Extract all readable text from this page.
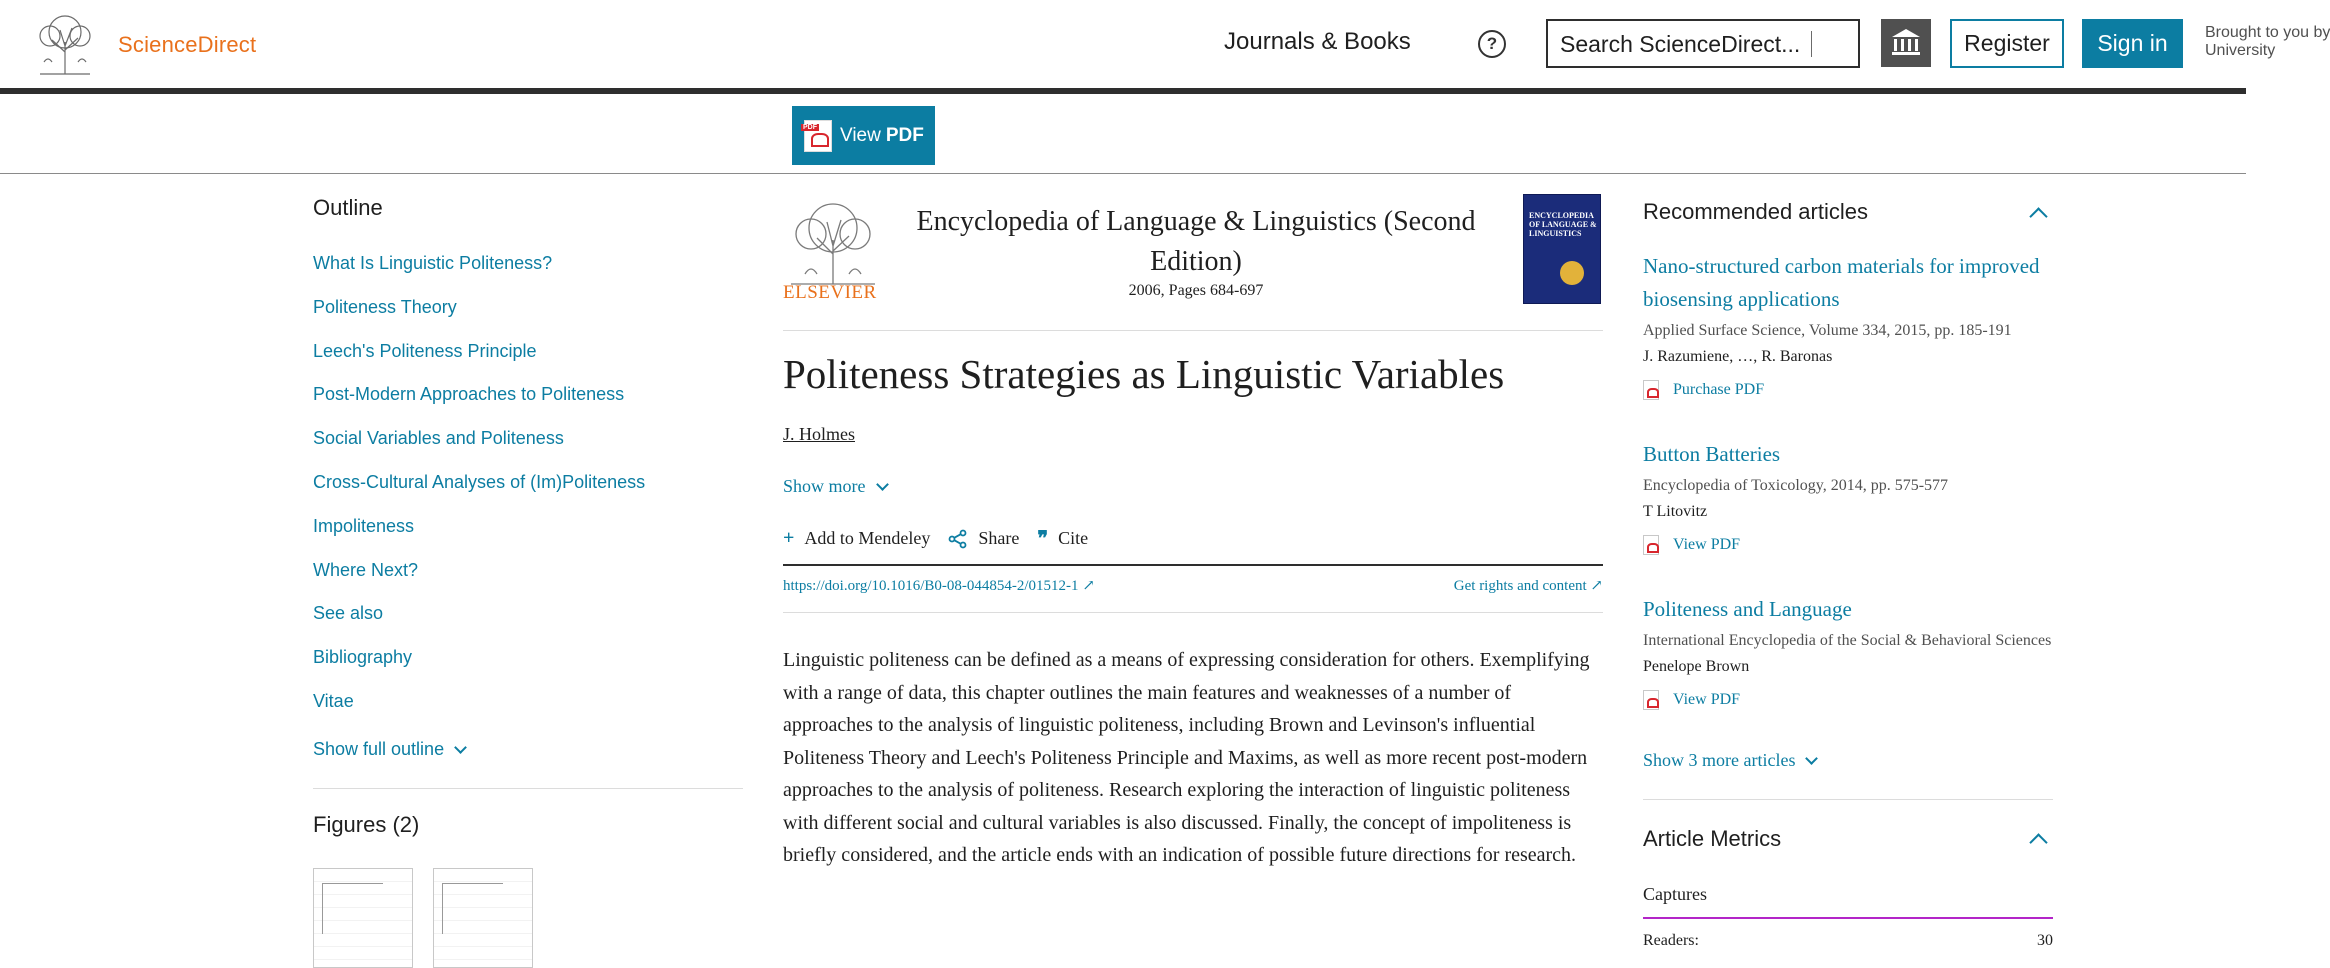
ScienceDirect	Journals & Books	?	Search ScienceDirect...	Register	Sign in	Brought to you by
University
PDF View PDF
Outline
What Is Linguistic Politeness?
Politeness Theory
Leech's Politeness Principle
Post-Modern Approaches to Politeness
Social Variables and Politeness
Cross-Cultural Analyses of (Im)Politeness
Impoliteness
Where Next?
See also
Bibliography
Vitae
Show full outline
Figures (2)
ELSEVIER
Encyclopedia of Language & Linguistics (Second Edition)
2006, Pages 684-697
ENCYCLOPEDIA OF LANGUAGE & LINGUISTICS
Politeness Strategies as Linguistic Variables
J. Holmes
Show more
+ Add to Mendeley	Share ❞ Cite
https://doi.org/10.1016/B0-08-044854-2/01512-1 ↗	Get rights and content ↗

Linguistic politeness can be defined as a means of expressing consideration for others. Exemplifying with a range of data, this chapter outlines the main features and weaknesses of a number of approaches to the analysis of linguistic politeness, including Brown and Levinson's influential Politeness Theory and Leech's Politeness Principle and Maxims, as well as more recent post-modern approaches to the analysis of politeness. Research exploring the interaction of linguistic politeness with different social and cultural variables is also discussed. Finally, the concept of impoliteness is briefly considered, and the article ends with an indication of possible future directions for research.

Recommended articles
Nano-structured carbon materials for improved biosensing applications
Applied Surface Science, Volume 334, 2015, pp. 185-191
J. Razumiene, …, R. Baronas
Purchase PDF
Button Batteries
Encyclopedia of Toxicology, 2014, pp. 575-577
T Litovitz
View PDF
Politeness and Language
International Encyclopedia of the Social & Behavioral Sciences
Penelope Brown
View PDF
Show 3 more articles
Article Metrics
Captures
Readers:	30
